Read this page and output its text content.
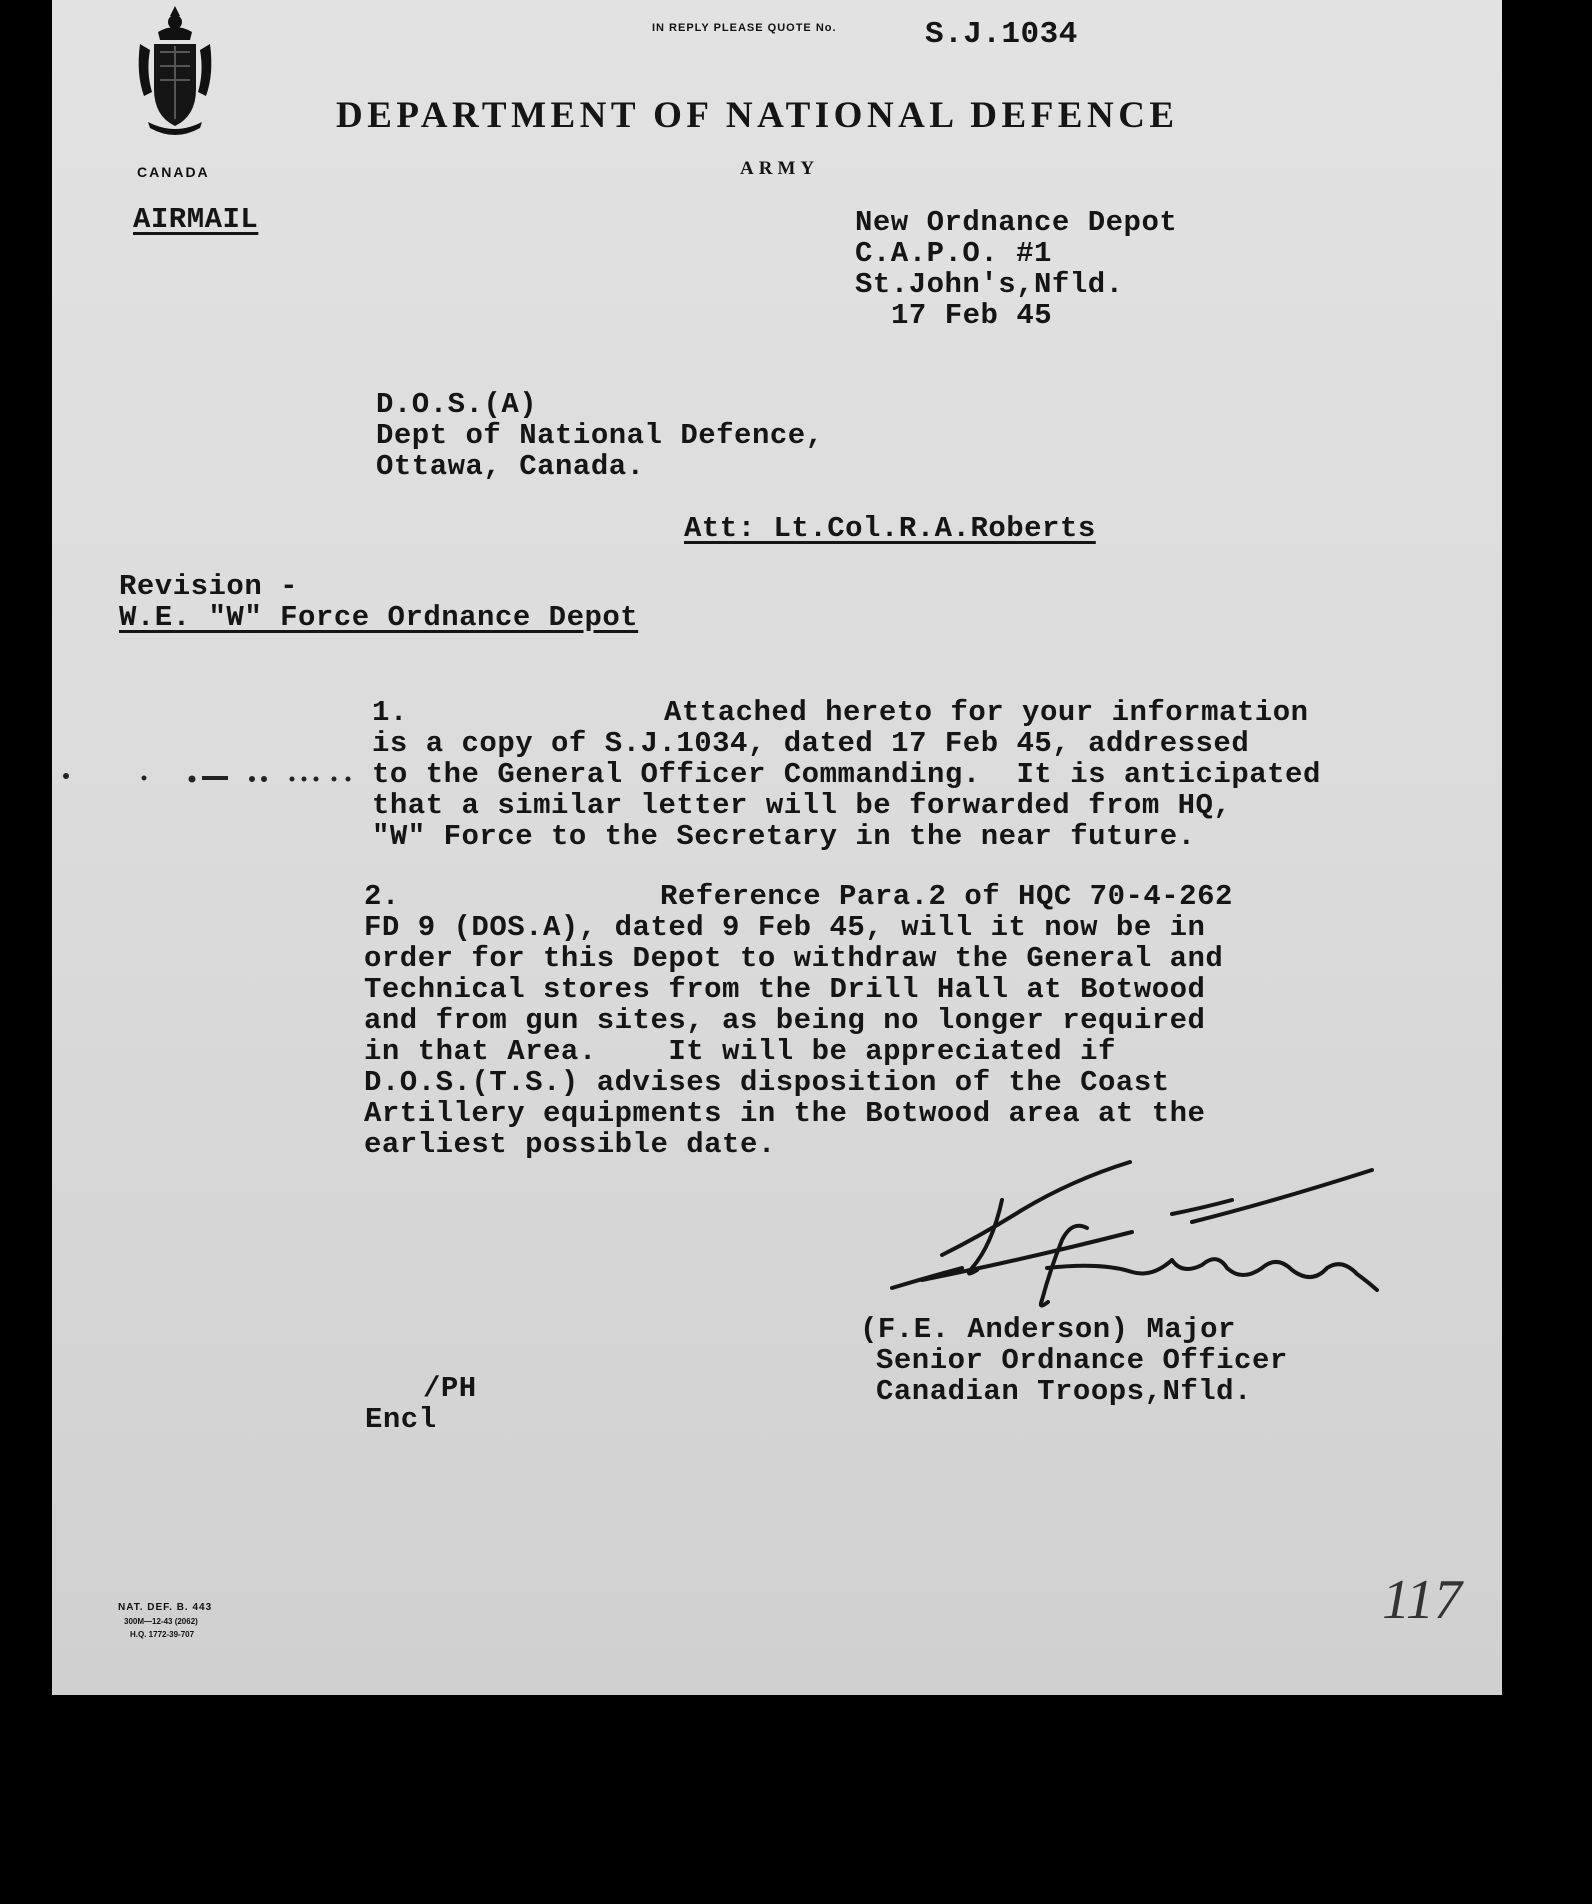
CANADA
IN REPLY PLEASE QUOTE No.	S.J.1034
DEPARTMENT OF NATIONAL DEFENCE
ARMY
AIRMAIL	New Ordnance Depot
C.A.P.O. #1
St.John's,Nfld.
17 Feb 45
D.O.S.(A)
Dept of National Defence,
Ottawa, Canada.
Att: Lt.Col.R.A.Roberts
Revision -
W.E. "W" Force Ordnance Depot
1.	Attached hereto for your information
is a copy of S.J.1034, dated 17 Feb 45, addressed
to the General Officer Commanding.  It is anticipated
that a similar letter will be forwarded from HQ,
"W" Force to the Secretary in the near future.
2.	Reference Para.2 of HQC 70-4-262
FD 9 (DOS.A), dated 9 Feb 45, will it now be in
order for this Depot to withdraw the General and
Technical stores from the Drill Hall at Botwood
and from gun sites, as being no longer required
in that Area.    It will be appreciated if
D.O.S.(T.S.) advises disposition of the Coast
Artillery equipments in the Botwood area at the
earliest possible date.
(F.E. Anderson) Major
Senior Ordnance Officer
Canadian Troops,Nfld.
/PH
Encl
NAT. DEF. B. 443
300M—12-43 (2062)
H.Q. 1772-39-707
117
